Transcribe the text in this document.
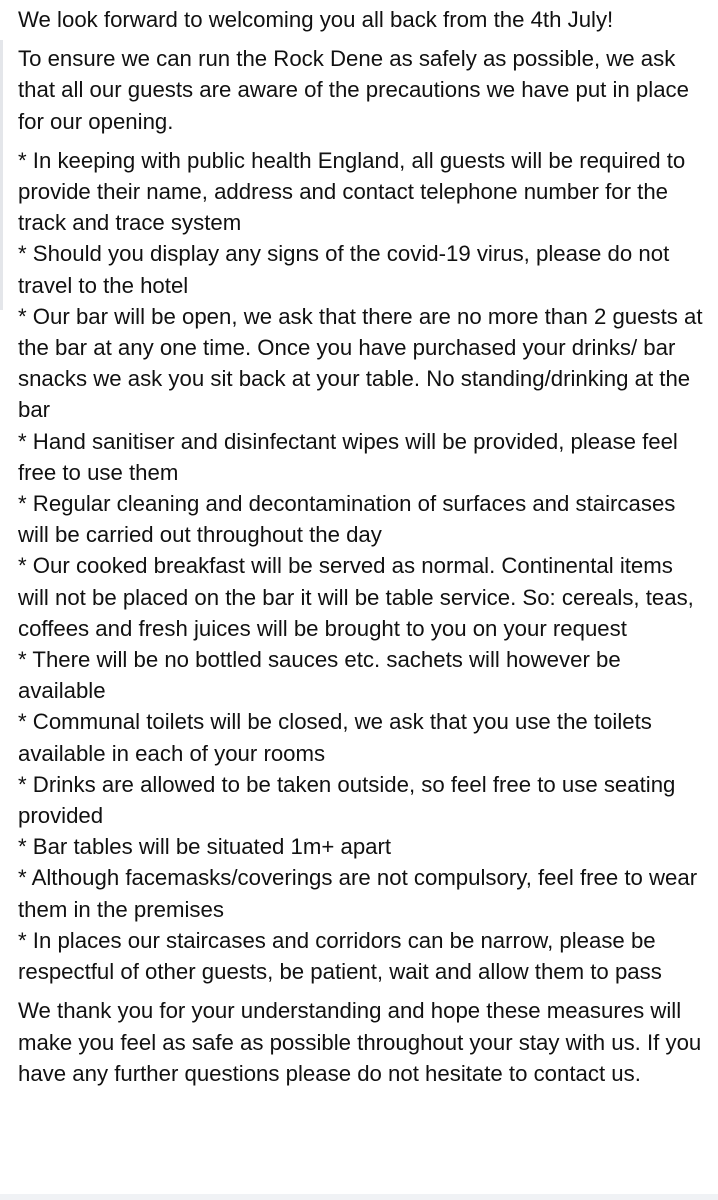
We look forward to welcoming you all back from the 4th July!

To ensure we can run the Rock Dene as safely as possible, we ask that all our guests are aware of the precautions we have put in place for our opening.

* In keeping with public health England, all guests will be required to provide their name, address and contact telephone number for the track and trace system

* Should you display any signs of the covid-19 virus, please do not travel to the hotel

* Our bar will be open, we ask that there are no more than 2 guests at the bar at any one time. Once you have purchased your drinks/ bar snacks we ask you sit back at your table. No standing/drinking at the bar

* Hand sanitiser and disinfectant wipes will be provided, please feel free to use them

* Regular cleaning and decontamination of surfaces and staircases will be carried out throughout the day

* Our cooked breakfast will be served as normal. Continental items will not be placed on the bar it will be table service. So: cereals, teas, coffees and fresh juices will be brought to you on your request

* There will be no bottled sauces etc. sachets will however be available

* Communal toilets will be closed, we ask that you use the toilets available in each of your rooms

* Drinks are allowed to be taken outside, so feel free to use seating provided

* Bar tables will be situated 1m+ apart

* Although facemasks/coverings are not compulsory, feel free to wear them in the premises

* In places our staircases and corridors can be narrow, please be respectful of other guests, be patient, wait and allow them to pass

We thank you for your understanding and hope these measures will make you feel as safe as possible throughout your stay with us. If you have any further questions please do not hesitate to contact us.
